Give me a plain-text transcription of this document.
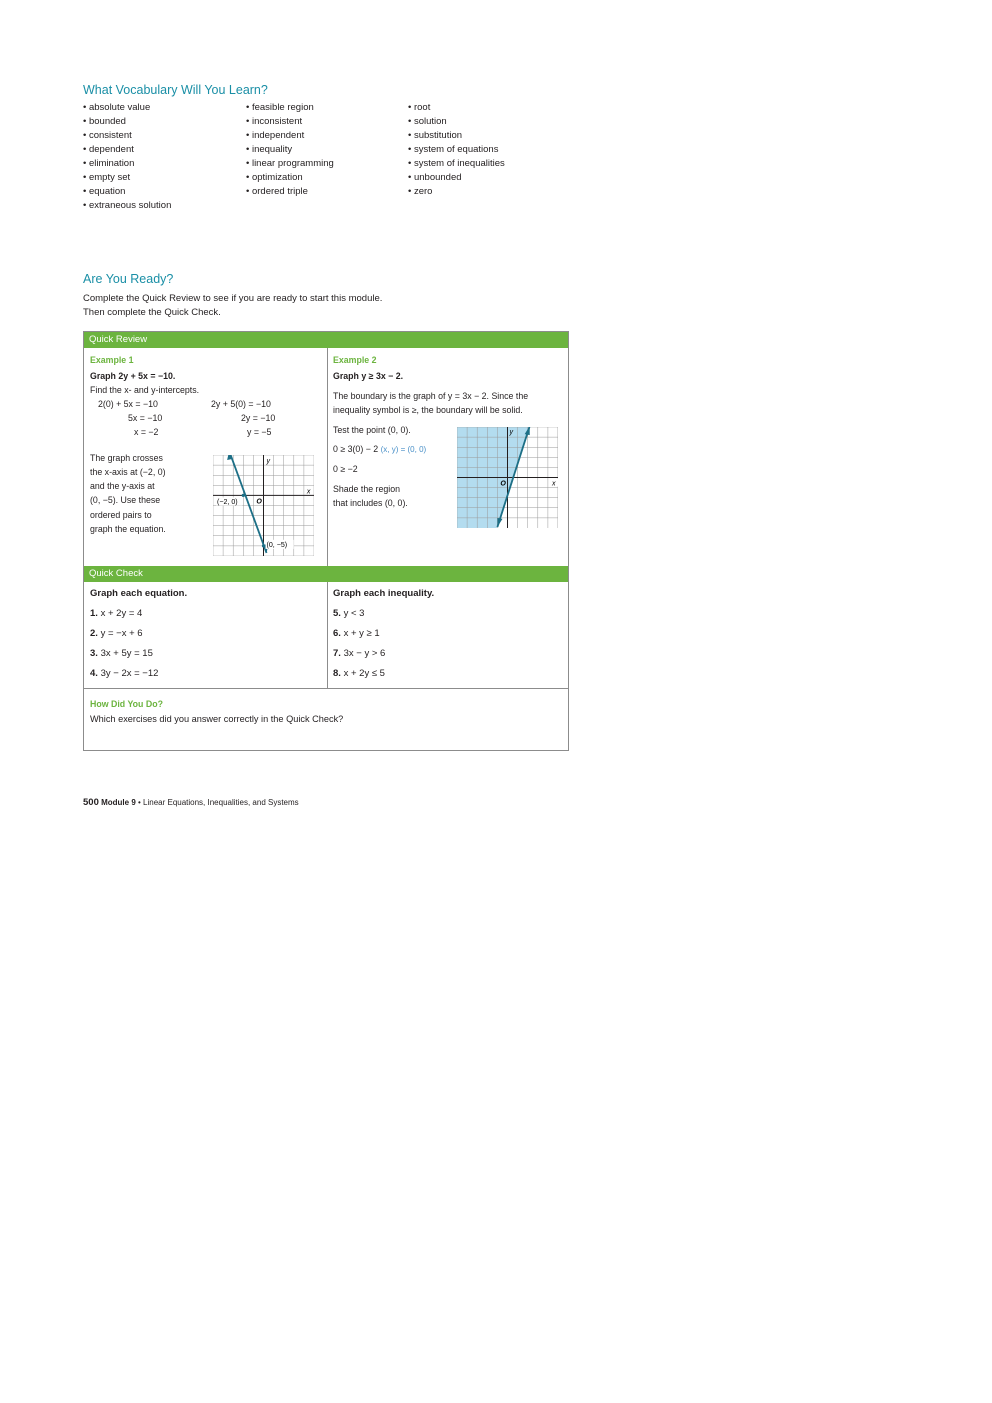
What Vocabulary Will You Learn?
• absolute value
• bounded
• consistent
• dependent
• elimination
• empty set
• equation
• extraneous solution
• feasible region
• inconsistent
• independent
• inequality
• linear programming
• optimization
• ordered triple
• root
• solution
• substitution
• system of equations
• system of inequalities
• unbounded
• zero
Are You Ready?
Complete the Quick Review to see if you are ready to start this module.
Then complete the Quick Check.
Quick Review
Example 1
Graph 2y + 5x = −10.
Find the x- and y-intercepts.
2(0) + 5x = −10
5x = −10
x = −2
2y + 5(0) = −10
2y = −10
y = −5
The graph crosses
the x-axis at (−2, 0)
and the y-axis at
(0, −5). Use these
ordered pairs to
graph the equation.
y
x
O
(−2, 0)
(0, −5)
Example 2
Graph y ≥ 3x − 2.
The boundary is the graph of y = 3x − 2. Since the
inequality symbol is ≥, the boundary will be solid.
Test the point (0, 0).
0 ≥ 3(0) − 2 (x, y) = (0, 0)
0 ≥ −2
Shade the region
that includes (0, 0).
y
x
O
Quick Check
Graph each equation.	Graph each inequality.
1. x + 2y = 4
2. y = −x + 6
3. 3x + 5y = 15
4. 3y − 2x = −12
5. y < 3
6. x + y ≥ 1
7. 3x − y > 6
8. x + 2y ≤ 5
How Did You Do?
Which exercises did you answer correctly in the Quick Check?
500 Module 9 • Linear Equations, Inequalities, and Systems
